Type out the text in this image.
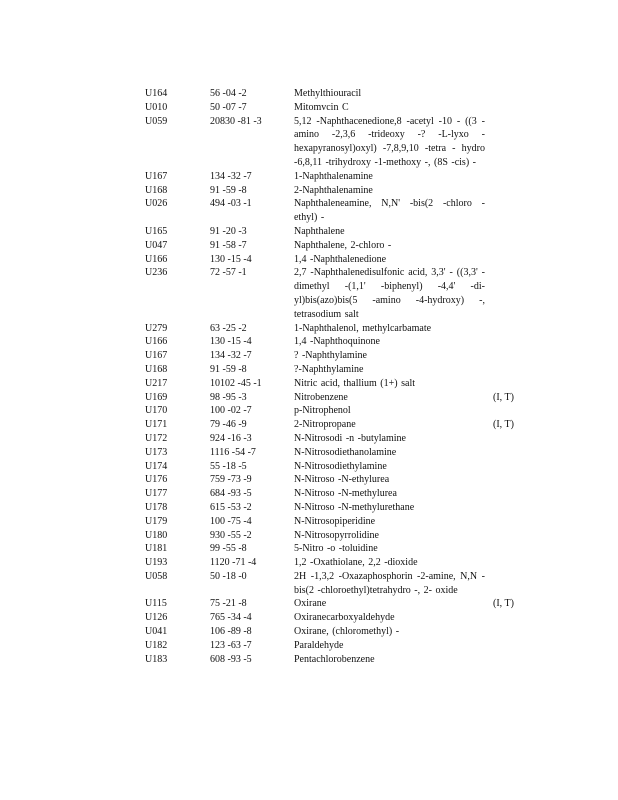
U164	56 -04 -2	Methylthiouracil
U010	50 -07 -7	Mitomvcin C
U059	20830 -81 -3	5,12 -Naphthacenedione,8 -acetyl -10 - ((3 -amino -2,3,6 -trideoxy -? -L-lyxo - hexapyranosyl)oxyl) -7,8,9,10 -tetra - hydro -6,8,11 -trihydroxy -1-methoxy -, (8S -cis) -
U167	134 -32 -7	1-Naphthalenamine
U168	91 -59 -8	2-Naphthalenamine
U026	494 -03 -1	Naphthaleneamine, N,N' -bis(2 -chloro - ethyl) -
U165	91 -20 -3	Naphthalene
U047	91 -58 -7	Naphthalene, 2-chloro -
U166	130 -15 -4	1,4 -Naphthalenedione
U236	72 -57 -1	2,7 -Naphthalenedisulfonic acid, 3,3' - ((3,3' -dimethyl -(1,1' -biphenyl) -4,4' -di- yl)bis(azo)bis(5 -amino -4-hydroxy) -, tetrasodium salt
U279	63 -25 -2	1-Naphthalenol, methylcarbamate
U166	130 -15 -4	1,4 -Naphthoquinone
U167	134 -32 -7	? -Naphthylamine
U168	91 -59 -8	?-Naphthylamine
U217	10102 -45 -1	Nitric acid, thallium (1+) salt
U169	98 -95 -3	Nitrobenzene	(I, T)
U170	100 -02 -7	p-Nitrophenol
U171	79 -46 -9	2-Nitropropane	(I, T)
U172	924 -16 -3	N-Nitrosodi -n -butylamine
U173	1116 -54 -7	N-Nitrosodiethanolamine
U174	55 -18 -5	N-Nitrosodiethylamine
U176	759 -73 -9	N-Nitroso -N-ethylurea
U177	684 -93 -5	N-Nitroso -N-methylurea
U178	615 -53 -2	N-Nitroso -N-methylurethane
U179	100 -75 -4	N-Nitrosopiperidine
U180	930 -55 -2	N-Nitrosopyrrolidine
U181	99 -55 -8	5-Nitro -o -toluidine
U193	1120 -71 -4	1,2 -Oxathiolane, 2,2 -dioxide
U058	50 -18 -0	2H -1,3,2 -Oxazaphosphorin -2-amine, N,N -bis(2 -chloroethyl)tetrahydro -, 2- oxide
U115	75 -21 -8	Oxirane	(I, T)
U126	765 -34 -4	Oxiranecarboxyaldehyde
U041	106 -89 -8	Oxirane, (chloromethyl) -
U182	123 -63 -7	Paraldehyde
U183	608 -93 -5	Pentachlorobenzene
